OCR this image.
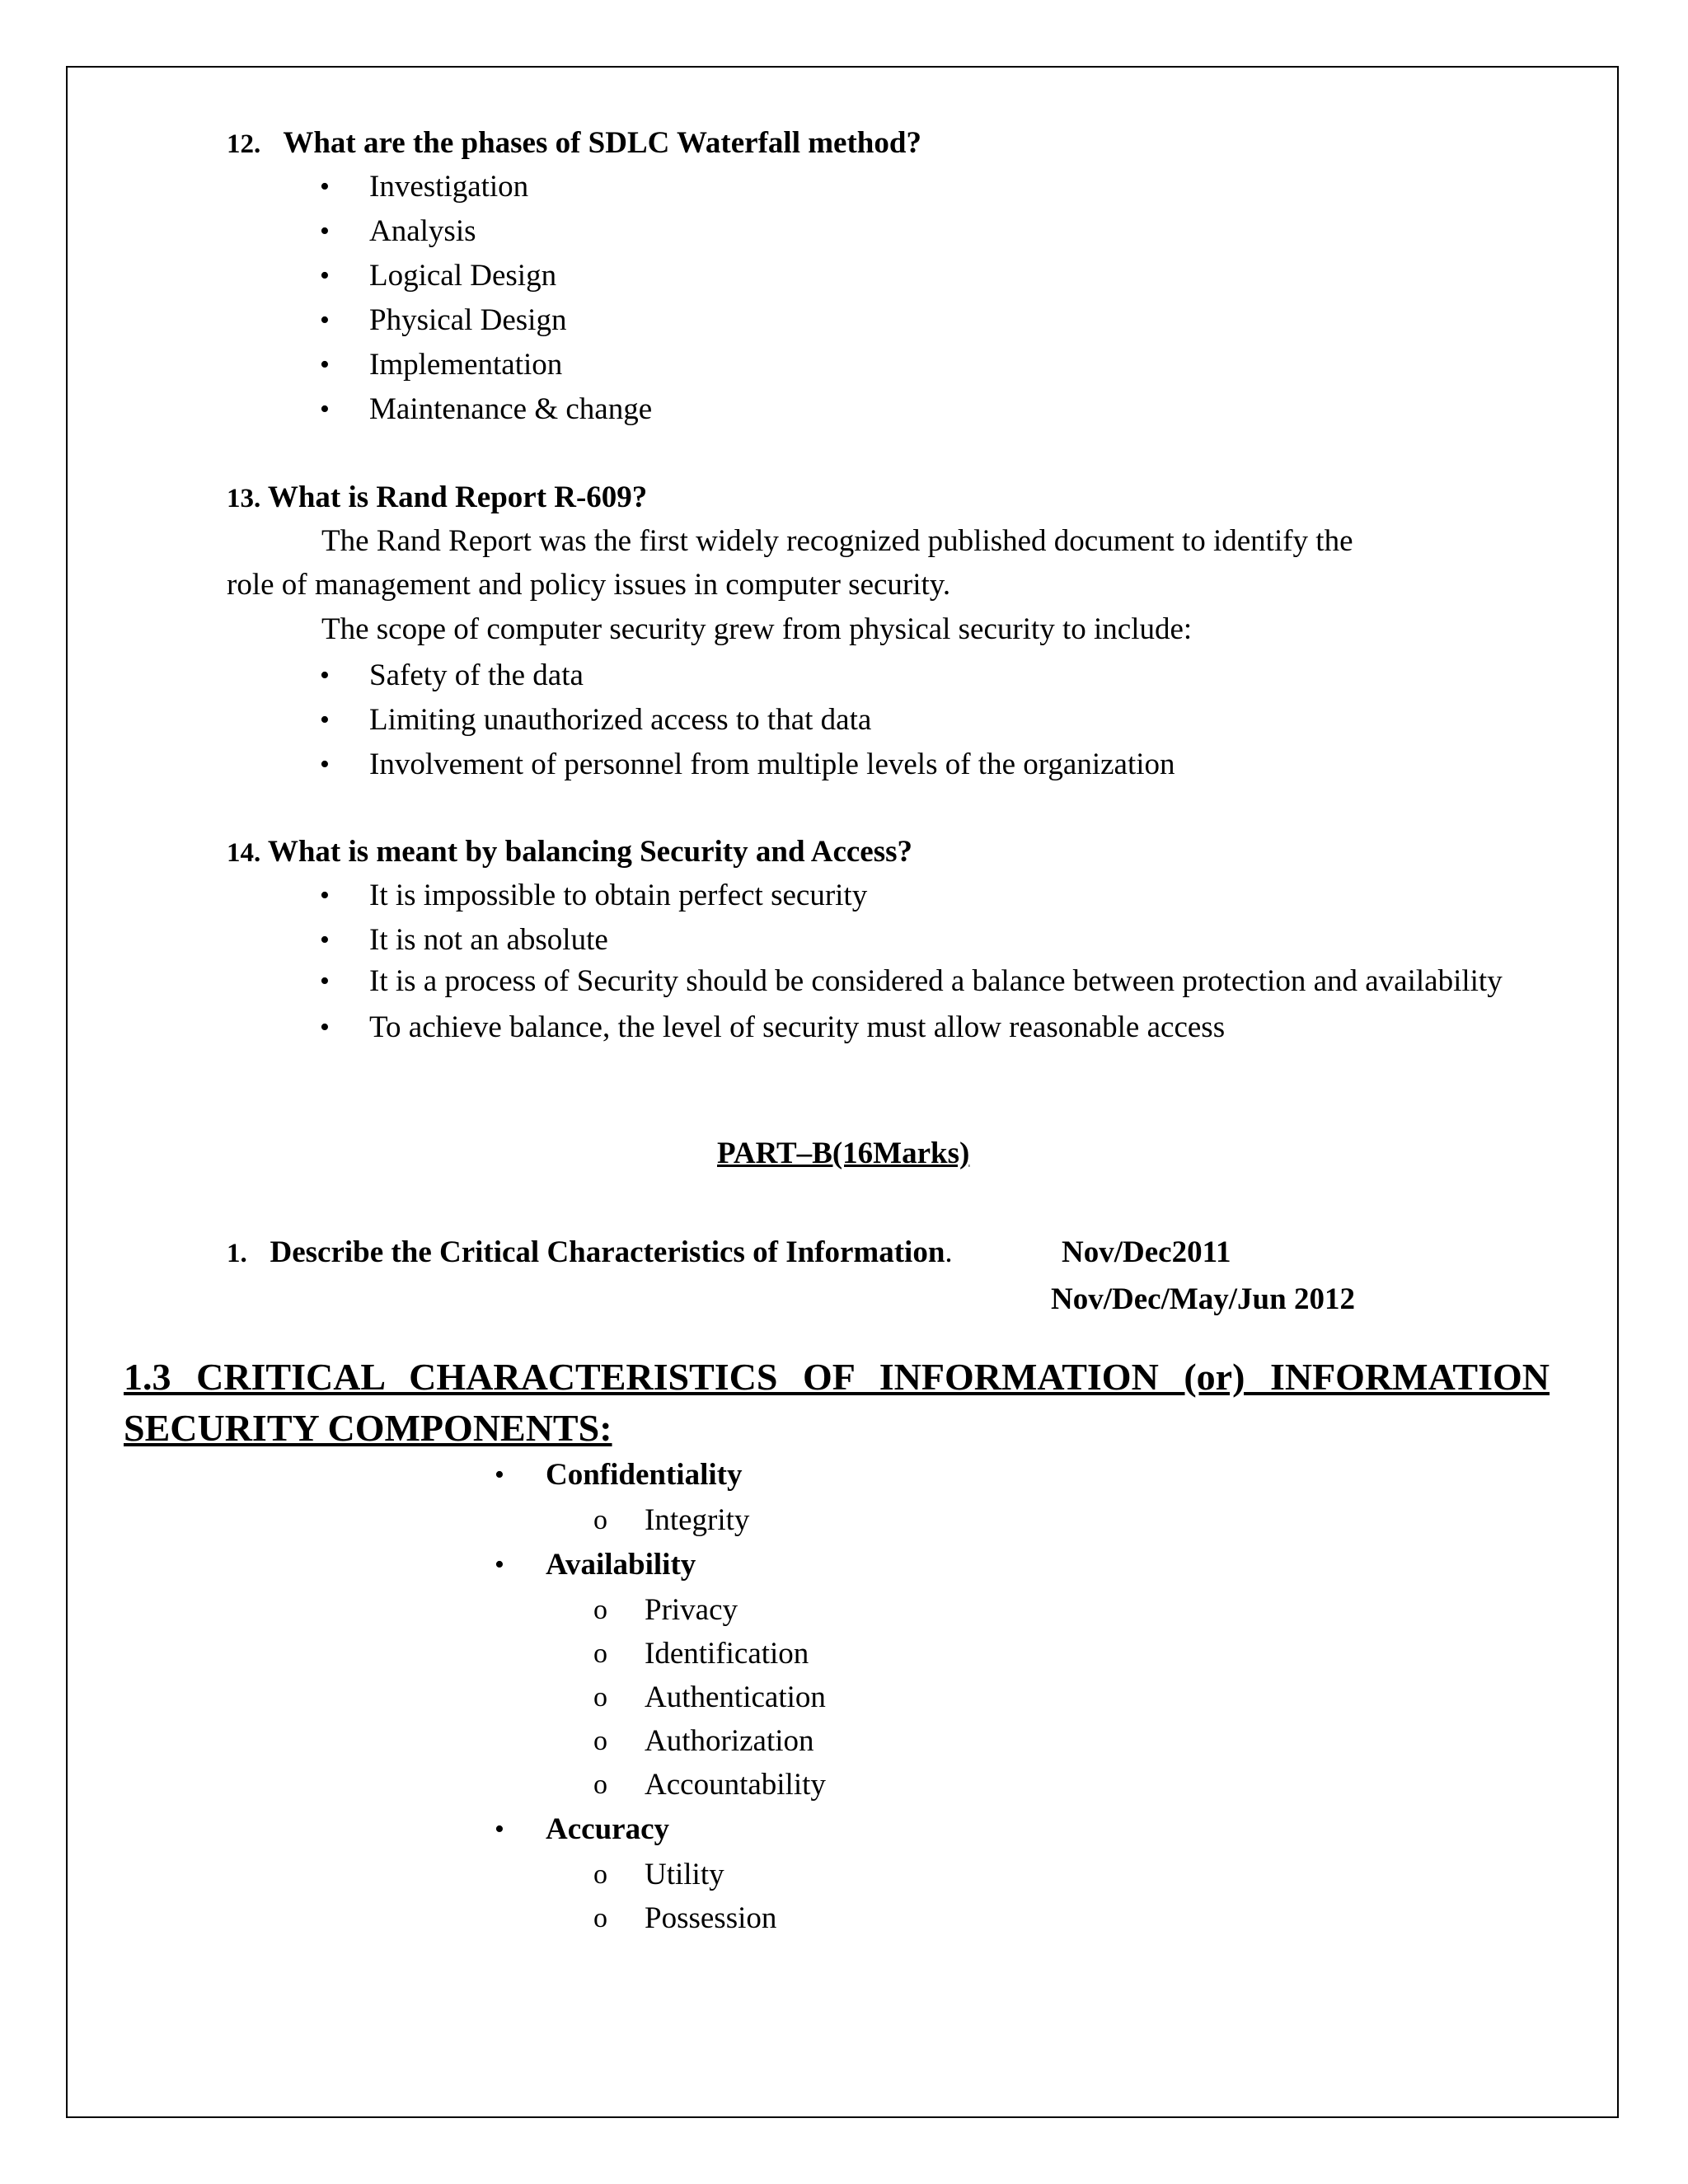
12. What are the phases of SDLC Waterfall method?
• Investigation
• Analysis
• Logical Design
• Physical Design
• Implementation
• Maintenance & change
13. What is Rand Report R-609?
The Rand Report was the first widely recognized published document to identify the
role of management and policy issues in computer security.
The scope of computer security grew from physical security to include:
• Safety of the data
• Limiting unauthorized access to that data
• Involvement of personnel from multiple levels of the organization
14. What is meant by balancing Security and Access?
• It is impossible to obtain perfect security
• It is not an absolute
• It is a process of Security should be considered a balance between protection and availability
• To achieve balance, the level of security must allow reasonable access
PART–B(16Marks)
1. Describe the Critical Characteristics of Information.	Nov/Dec2011
Nov/Dec/May/Jun 2012
1.3 CRITICAL CHARACTERISTICS OF INFORMATION (or) INFORMATION SECURITY COMPONENTS:
• Confidentiality
o Integrity
• Availability
o Privacy
o Identification
o Authentication
o Authorization
o Accountability
• Accuracy
o Utility
o Possession
